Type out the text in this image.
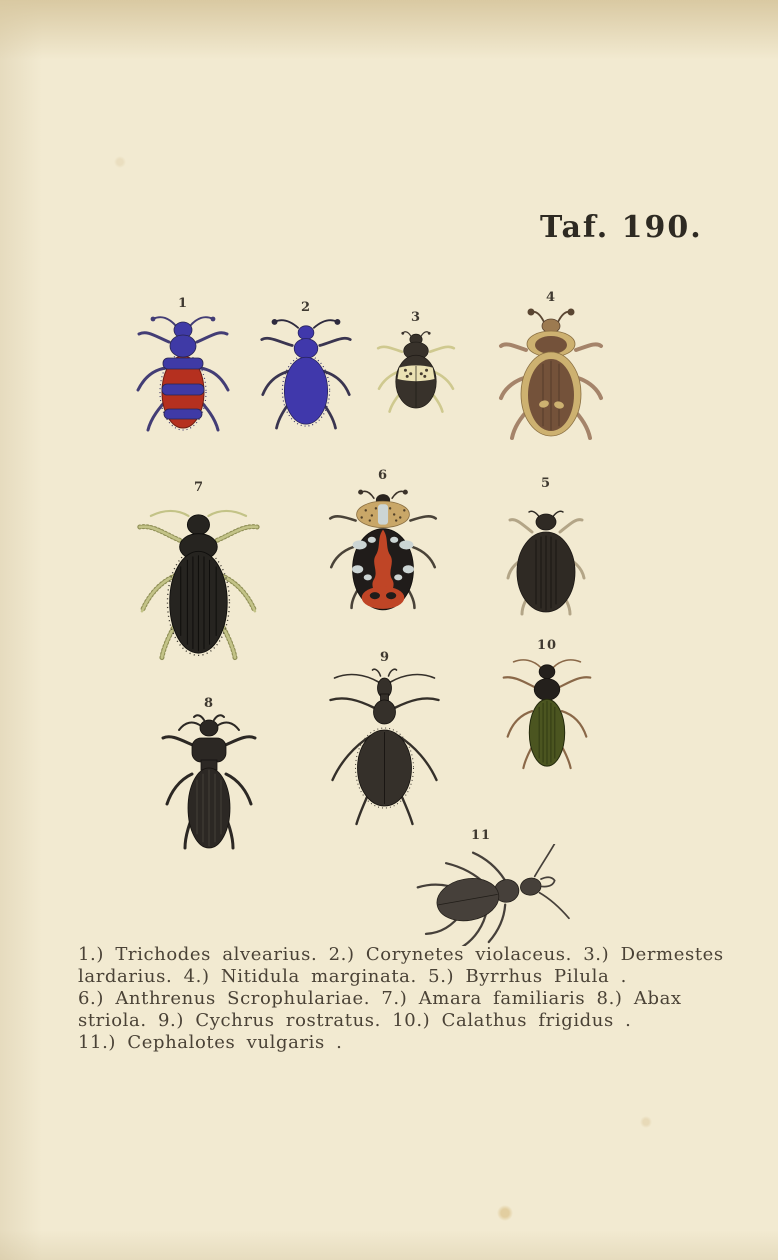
Taf. 190.
1	2
3
4
7
6
5
8
9
10
11
1.) Trichodes alvearius. 2.) Corynetes violaceus. 3.) Dermestes
lardarius. 4.) Nitidula marginata. 5.) Byrrhus Pilula .
6.) Anthrenus Scrophulariae. 7.) Amara familiaris 8.) Abax
striola. 9.) Cychrus rostratus. 10.) Calathus frigidus .
11.) Cephalotes vulgaris .
